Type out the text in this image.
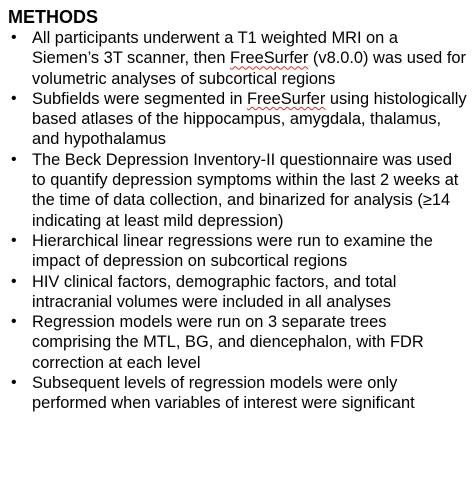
METHODS
• All participants underwent a T1 weighted MRI on a Siemen’s 3T scanner, then FreeSurfer (v8.0.0) was used for volumetric analyses of subcortical regions
• Subfields were segmented in FreeSurfer using histologically based atlases of the hippocampus, amygdala, thalamus, and hypothalamus
• The Beck Depression Inventory-II questionnaire was used to quantify depression symptoms within the last 2 weeks at the time of data collection, and binarized for analysis (≥14 indicating at least mild depression)
• Hierarchical linear regressions were run to examine the impact of depression on subcortical regions
• HIV clinical factors, demographic factors, and total intracranial volumes were included in all analyses
• Regression models were run on 3 separate trees comprising the MTL, BG, and diencephalon, with FDR correction at each level
• Subsequent levels of regression models were only performed when variables of interest were significant
